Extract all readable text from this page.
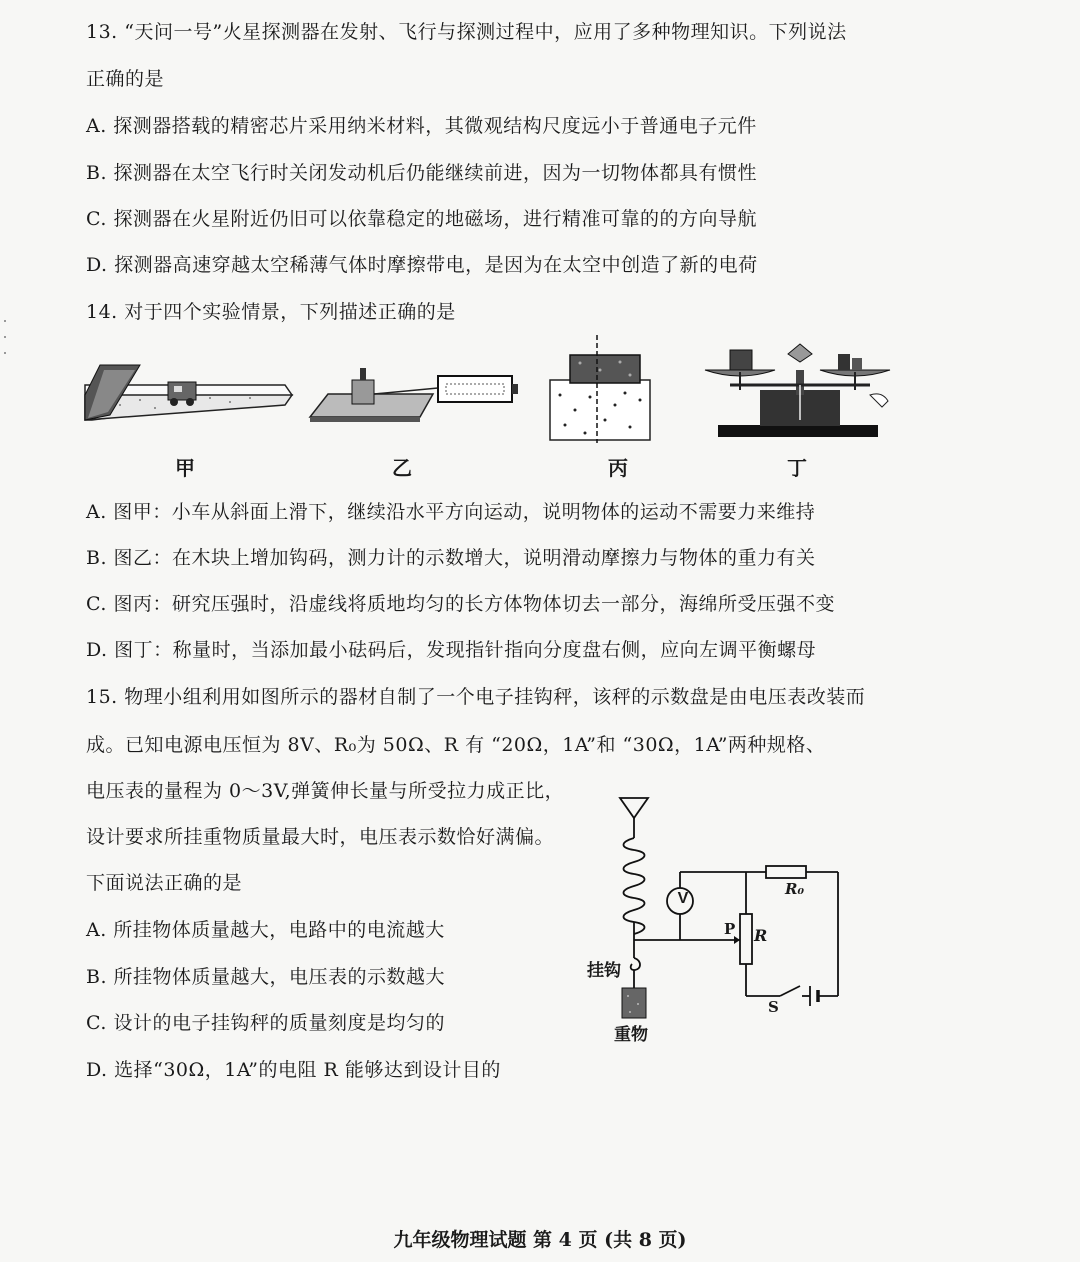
13. “天问一号”火星探测器在发射、飞行与探测过程中，应用了多种物理知识。下列说法
正确的是
A. 探测器搭载的精密芯片采用纳米材料，其微观结构尺度远小于普通电子元件
B. 探测器在太空飞行时关闭发动机后仍能继续前进，因为一切物体都具有惯性
C. 探测器在火星附近仍旧可以依靠稳定的地磁场，进行精准可靠的的方向导航
D. 探测器高速穿越太空稀薄气体时摩擦带电，是因为在太空中创造了新的电荷
14. 对于四个实验情景，下列描述正确的是
甲	乙	丙	丁
A. 图甲：小车从斜面上滑下，继续沿水平方向运动，说明物体的运动不需要力来维持
B. 图乙：在木块上增加钩码，测力计的示数增大，说明滑动摩擦力与物体的重力有关
C. 图丙：研究压强时，沿虚线将质地均匀的长方体物体切去一部分，海绵所受压强不变
D. 图丁：称量时，当添加最小砝码后，发现指针指向分度盘右侧，应向左调平衡螺母
15. 物理小组利用如图所示的器材自制了一个电子挂钩秤，该秤的示数盘是由电压表改装而
成。已知电源电压恒为 8V、R₀为 50Ω、R 有 “20Ω，1A”和 “30Ω，1A”两种规格、
电压表的量程为 0～3V,弹簧伸长量与所受拉力成正比，
设计要求所挂重物质量最大时，电压表示数恰好满偏。
下面说法正确的是
A. 所挂物体质量越大，电路中的电流越大
B. 所挂物体质量越大，电压表的示数越大
C. 设计的电子挂钩秤的质量刻度是均匀的
D. 选择“30Ω，1A”的电阻 R 能够达到设计目的
V
R₀
P R
挂钩
重物
S
九年级物理试题 第 4 页 (共 8 页)
